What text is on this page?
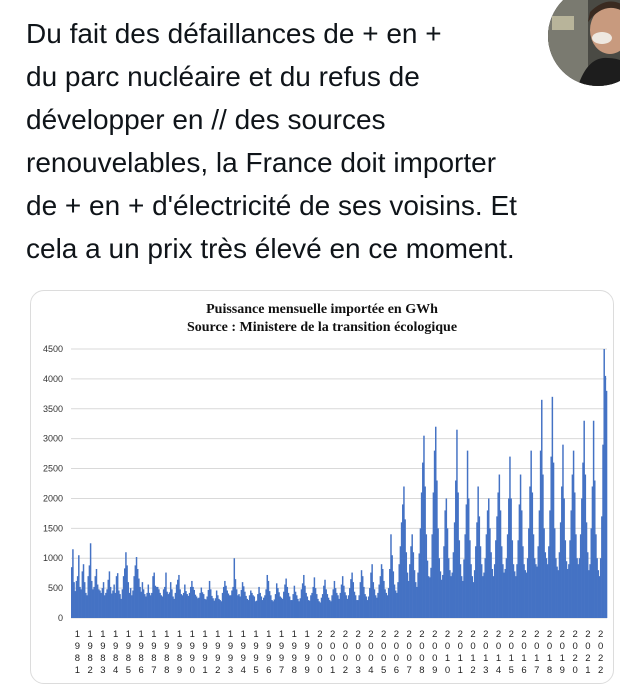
Du fait des défaillances de + en +
du parc nucléaire et du refus de
développer en // des sources
renouvelables, la France doit importer
de + en + d'électricité de ses voisins. Et
cela a un prix très élevé en ce moment.

Puissance mensuelle importée en GWh
Source : Ministere de la transition écologique
4500
4000
3500
3000
2500
2000
1500
1000
500
0
1 9 8 1
1 9 8 2
1 9 8 3
1 9 8 4
1 9 8 5
1 9 8 6
1 9 8 7
1 9 8 8
1 9 8 9
1 9 9 0
1 9 9 1
1 9 9 2
1 9 9 3
1 9 9 4
1 9 9 5
1 9 9 6
1 9 9 7
1 9 9 8
1 9 9 9
2 0 0 0
2 0 0 1
2 0 0 2
2 0 0 3
2 0 0 4
2 0 0 5
2 0 0 6
2 0 0 7
2 0 0 8
2 0 0 9
2 0 1 0
2 0 1 1
2 0 1 2
2 0 1 3
2 0 1 4
2 0 1 5
2 0 1 6
2 0 1 7
2 0 1 8
2 0 1 9
2 0 2 0
2 0 2 1
2 0 2 2
